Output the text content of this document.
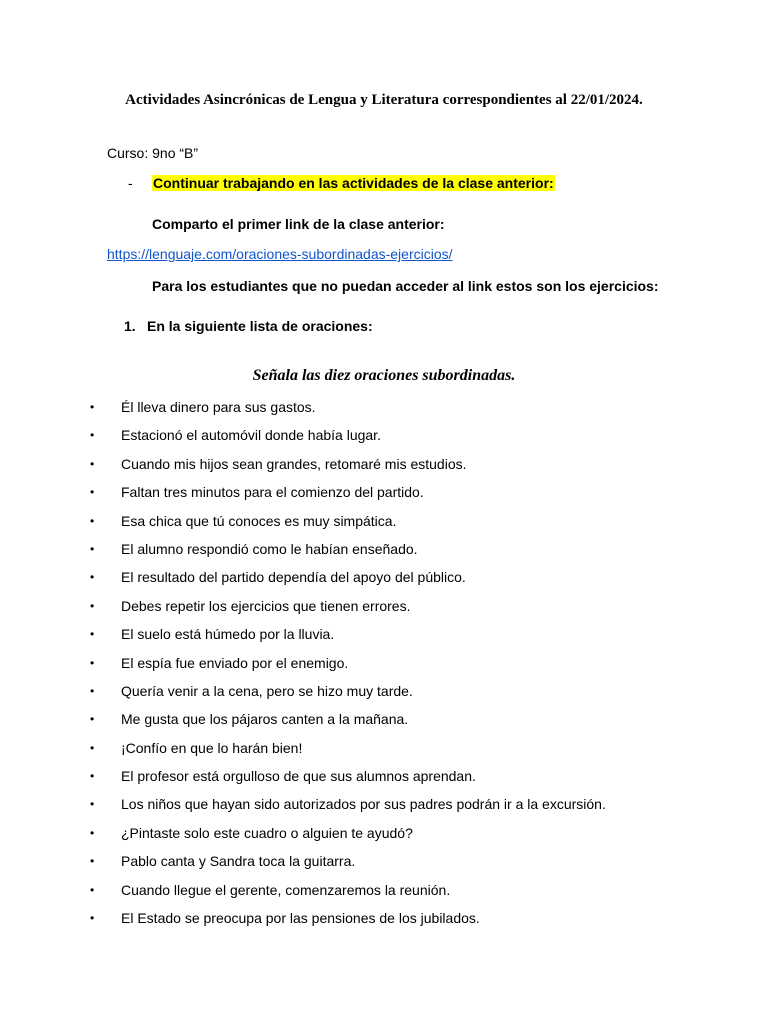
Actividades Asincrónicas de Lengua y Literatura correspondientes al 22/01/2024.
Curso: 9no “B”
-	Continuar trabajando en las actividades de la clase anterior:
Comparto el primer link de la clase anterior:
https://lenguaje.com/oraciones-subordinadas-ejercicios/
Para los estudiantes que no puedan acceder al link estos son los ejercicios:
1. En la siguiente lista de oraciones:
Señala las diez oraciones subordinadas.
• Él lleva dinero para sus gastos.
• Estacionó el automóvil donde había lugar.
• Cuando mis hijos sean grandes, retomaré mis estudios.
• Faltan tres minutos para el comienzo del partido.
• Esa chica que tú conoces es muy simpática.
• El alumno respondió como le habían enseñado.
• El resultado del partido dependía del apoyo del público.
• Debes repetir los ejercicios que tienen errores.
• El suelo está húmedo por la lluvia.
• El espía fue enviado por el enemigo.
• Quería venir a la cena, pero se hizo muy tarde.
• Me gusta que los pájaros canten a la mañana.
• ¡Confío en que lo harán bien!
• El profesor está orgulloso de que sus alumnos aprendan.
• Los niños que hayan sido autorizados por sus padres podrán ir a la excursión.
• ¿Pintaste solo este cuadro o alguien te ayudó?
• Pablo canta y Sandra toca la guitarra.
• Cuando llegue el gerente, comenzaremos la reunión.
• El Estado se preocupa por las pensiones de los jubilados.
